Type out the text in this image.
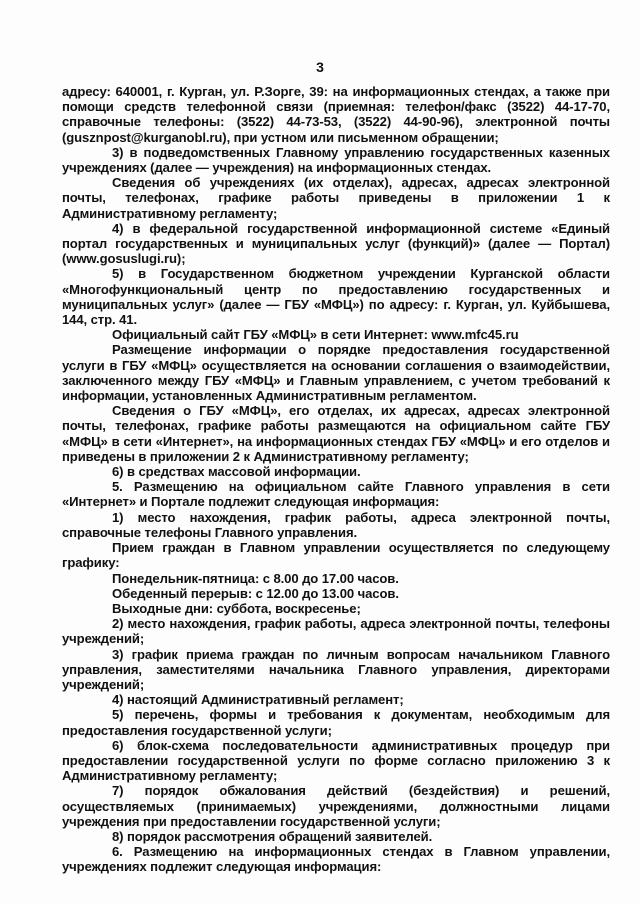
3

адресу: 640001, г. Курган, ул. Р.Зорге, 39: на информационных стендах, а также при помощи средств телефонной связи (приемная: телефон/факс (3522) 44-17-70, справочные телефоны: (3522) 44-73-53, (3522) 44-90-96), электронной почты (gusznpost@kurganobl.ru), при устном или письменном обращении;

3) в подведомственных Главному управлению государственных казенных учреждениях (далее — учреждения) на информационных стендах.

Сведения об учреждениях (их отделах), адресах, адресах электронной почты, телефонах, графике работы приведены в приложении 1 к Административному регламенту;

4) в федеральной государственной информационной системе «Единый портал государственных и муниципальных услуг (функций)» (далее — Портал) (www.gosuslugi.ru);

5) в Государственном бюджетном учреждении Курганской области «Многофункциональный центр по предоставлению государственных и муниципальных услуг» (далее — ГБУ «МФЦ») по адресу: г. Курган, ул. Куйбышева, 144, стр. 41.

Официальный сайт ГБУ «МФЦ» в сети Интернет: www.mfc45.ru

Размещение информации о порядке предоставления государственной услуги в ГБУ «МФЦ» осуществляется на основании соглашения о взаимодействии, заключенного между ГБУ «МФЦ» и Главным управлением, с учетом требований к информации, установленных Административным регламентом.

Сведения о ГБУ «МФЦ», его отделах, их адресах, адресах электронной почты, телефонах, графике работы размещаются на официальном сайте ГБУ «МФЦ» в сети «Интернет», на информационных стендах ГБУ «МФЦ» и его отделов и приведены в приложении 2 к Административному регламенту;

6) в средствах массовой информации.

5. Размещению на официальном сайте Главного управления в сети «Интернет» и Портале подлежит следующая информация:

1) место нахождения, график работы, адреса электронной почты, справочные телефоны Главного управления.

Прием граждан в Главном управлении осуществляется по следующему графику:

Понедельник-пятница: с 8.00 до 17.00 часов.

Обеденный перерыв: с 12.00 до 13.00 часов.

Выходные дни: суббота, воскресенье;

2) место нахождения, график работы, адреса электронной почты, телефоны учреждений;

3) график приема граждан по личным вопросам начальником Главного управления, заместителями начальника Главного управления, директорами учреждений;

4) настоящий Административный регламент;

5) перечень, формы и требования к документам, необходимым для предоставления государственной услуги;

6) блок-схема последовательности административных процедур при предоставлении государственной услуги по форме согласно приложению 3 к Административному регламенту;

7) порядок обжалования действий (бездействия) и решений, осуществляемых (принимаемых) учреждениями, должностными лицами учреждения при предоставлении государственной услуги;

8) порядок рассмотрения обращений заявителей.

6. Размещению на информационных стендах в Главном управлении, учреждениях подлежит следующая информация:
